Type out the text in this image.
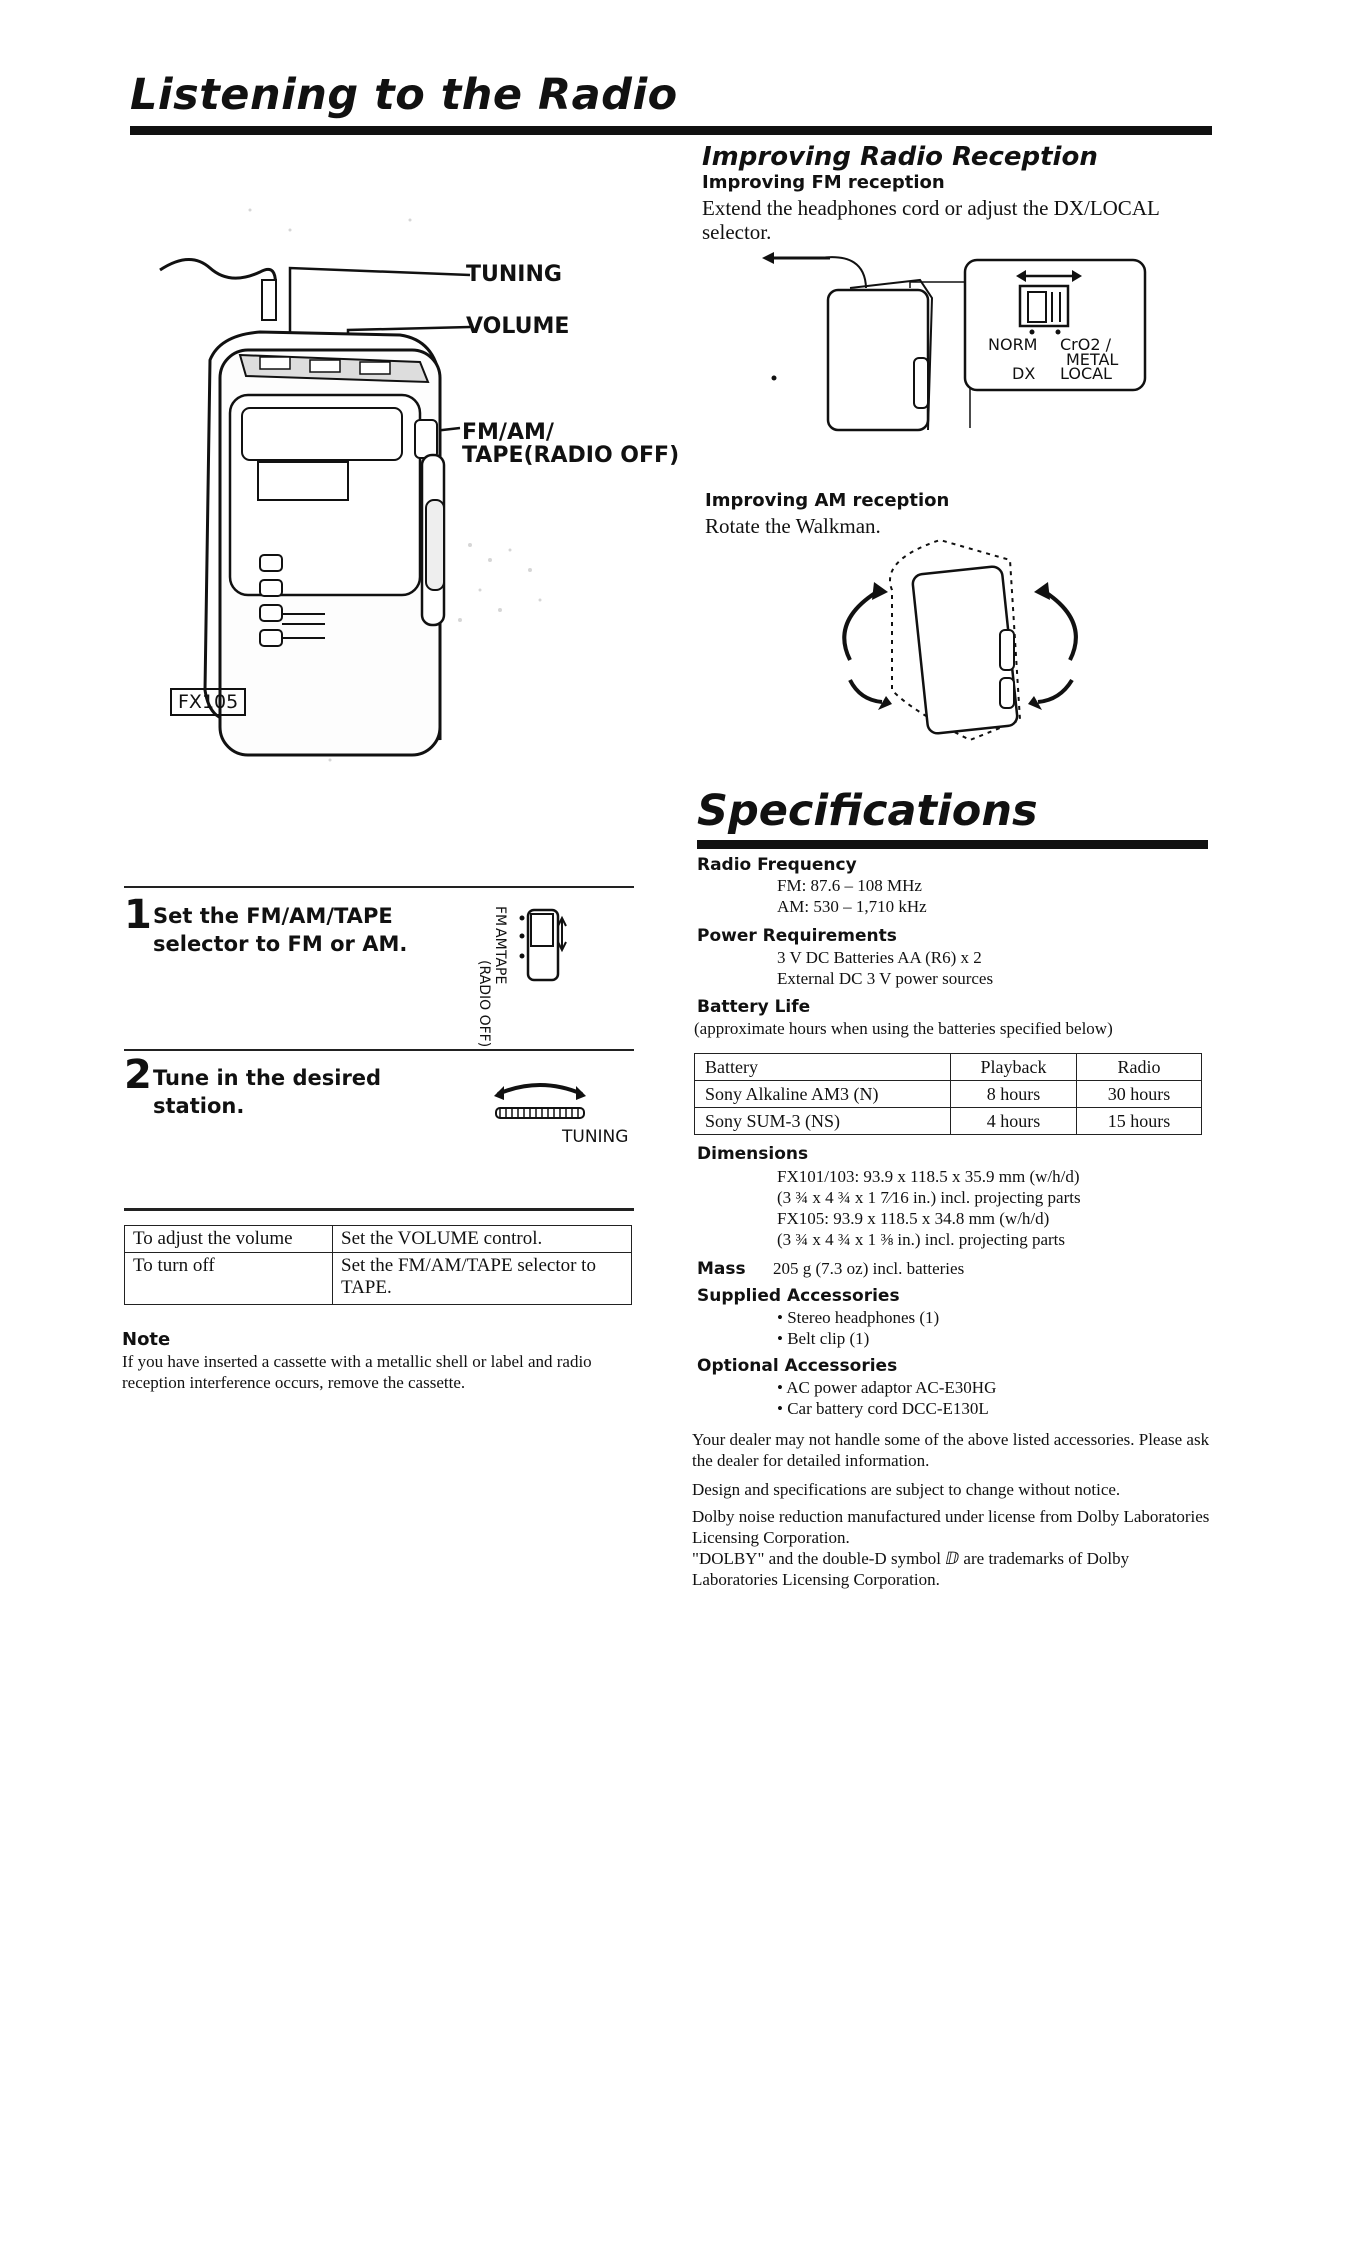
Listening to the Radio
TUNING
VOLUME
FM/AM/
TAPE(RADIO OFF)
FX105
1 Set the FM/AM/TAPE
selector to FM or AM.
FM
AM
TAPE
(RADIO OFF)
2 Tune in the desired
station.
TUNING
To adjust the volume	Set the VOLUME control.
To turn off	Set the FM/AM/TAPE selector to TAPE.
Note
If you have inserted a cassette with a metallic shell or label and radio reception interference occurs, remove the cassette.
Improving Radio Reception
Improving FM reception
Extend the headphones cord or adjust the DX/LOCAL selector.
NORM
DX
CrO2 /
METAL
LOCAL
Improving AM reception
Rotate the Walkman.
Specifications
Radio Frequency
FM: 87.6 – 108 MHz
AM: 530 – 1,710 kHz
Power Requirements
3 V DC Batteries AA (R6) x 2
External DC 3 V power sources
Battery Life
(approximate hours when using the batteries specified below)
Battery	Playback	Radio
Sony Alkaline AM3 (N)	8 hours	30 hours
Sony SUM-3 (NS)	4 hours	15 hours
Dimensions
FX101/103: 93.9 x 118.5 x 35.9 mm (w/h/d)
(3 ¾ x 4 ¾ x 1 7⁄16 in.) incl. projecting parts
FX105: 93.9 x 118.5 x 34.8 mm (w/h/d)
(3 ¾ x 4 ¾ x 1 ⅜ in.) incl. projecting parts
Mass 205 g (7.3 oz) incl. batteries
Supplied Accessories
• Stereo headphones (1)
• Belt clip (1)
Optional Accessories
• AC power adaptor AC-E30HG
• Car battery cord DCC-E130L
Your dealer may not handle some of the above listed accessories. Please ask the dealer for detailed information.
Design and specifications are subject to change without notice.
Dolby noise reduction manufactured under license from Dolby Laboratories Licensing Corporation.
"DOLBY" and the double-D symbol ⅅ are trademarks of Dolby Laboratories Licensing Corporation.
